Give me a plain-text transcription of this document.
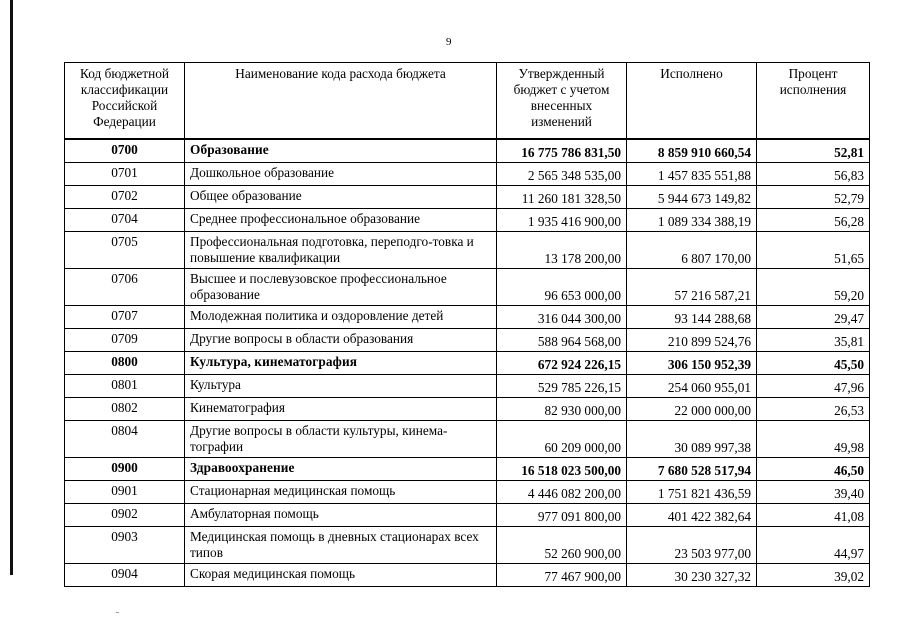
9
Код бюджетной классификации Российской Федерации	Наименование кода расхода бюджета	Утвержденный бюджет с учетом внесенных изменений	Исполнено	Процент исполнения
0700	Образование	16 775 786 831,50	8 859 910 660,54	52,81
0701	Дошкольное образование	2 565 348 535,00	1 457 835 551,88	56,83
0702	Общее образование	11 260 181 328,50	5 944 673 149,82	52,79
0704	Среднее профессиональное образование	1 935 416 900,00	1 089 334 388,19	56,28
0705	Профессиональная подготовка, переподго-товка и повышение квалификации	13 178 200,00	6 807 170,00	51,65
0706	Высшее и послевузовское профессиональное образование	96 653 000,00	57 216 587,21	59,20
0707	Молодежная политика и оздоровление детей	316 044 300,00	93 144 288,68	29,47
0709	Другие вопросы в области образования	588 964 568,00	210 899 524,76	35,81
0800	Культура, кинематография	672 924 226,15	306 150 952,39	45,50
0801	Культура	529 785 226,15	254 060 955,01	47,96
0802	Кинематография	82 930 000,00	22 000 000,00	26,53
0804	Другие вопросы в области культуры, кинема-тографии	60 209 000,00	30 089 997,38	49,98
0900	Здравоохранение	16 518 023 500,00	7 680 528 517,94	46,50
0901	Стационарная медицинская помощь	4 446 082 200,00	1 751 821 436,59	39,40
0902	Амбулаторная помощь	977 091 800,00	401 422 382,64	41,08
0903	Медицинская помощь в дневных стационарах всех типов	52 260 900,00	23 503 977,00	44,97
0904	Скорая медицинская помощь	77 467 900,00	30 230 327,32	39,02
